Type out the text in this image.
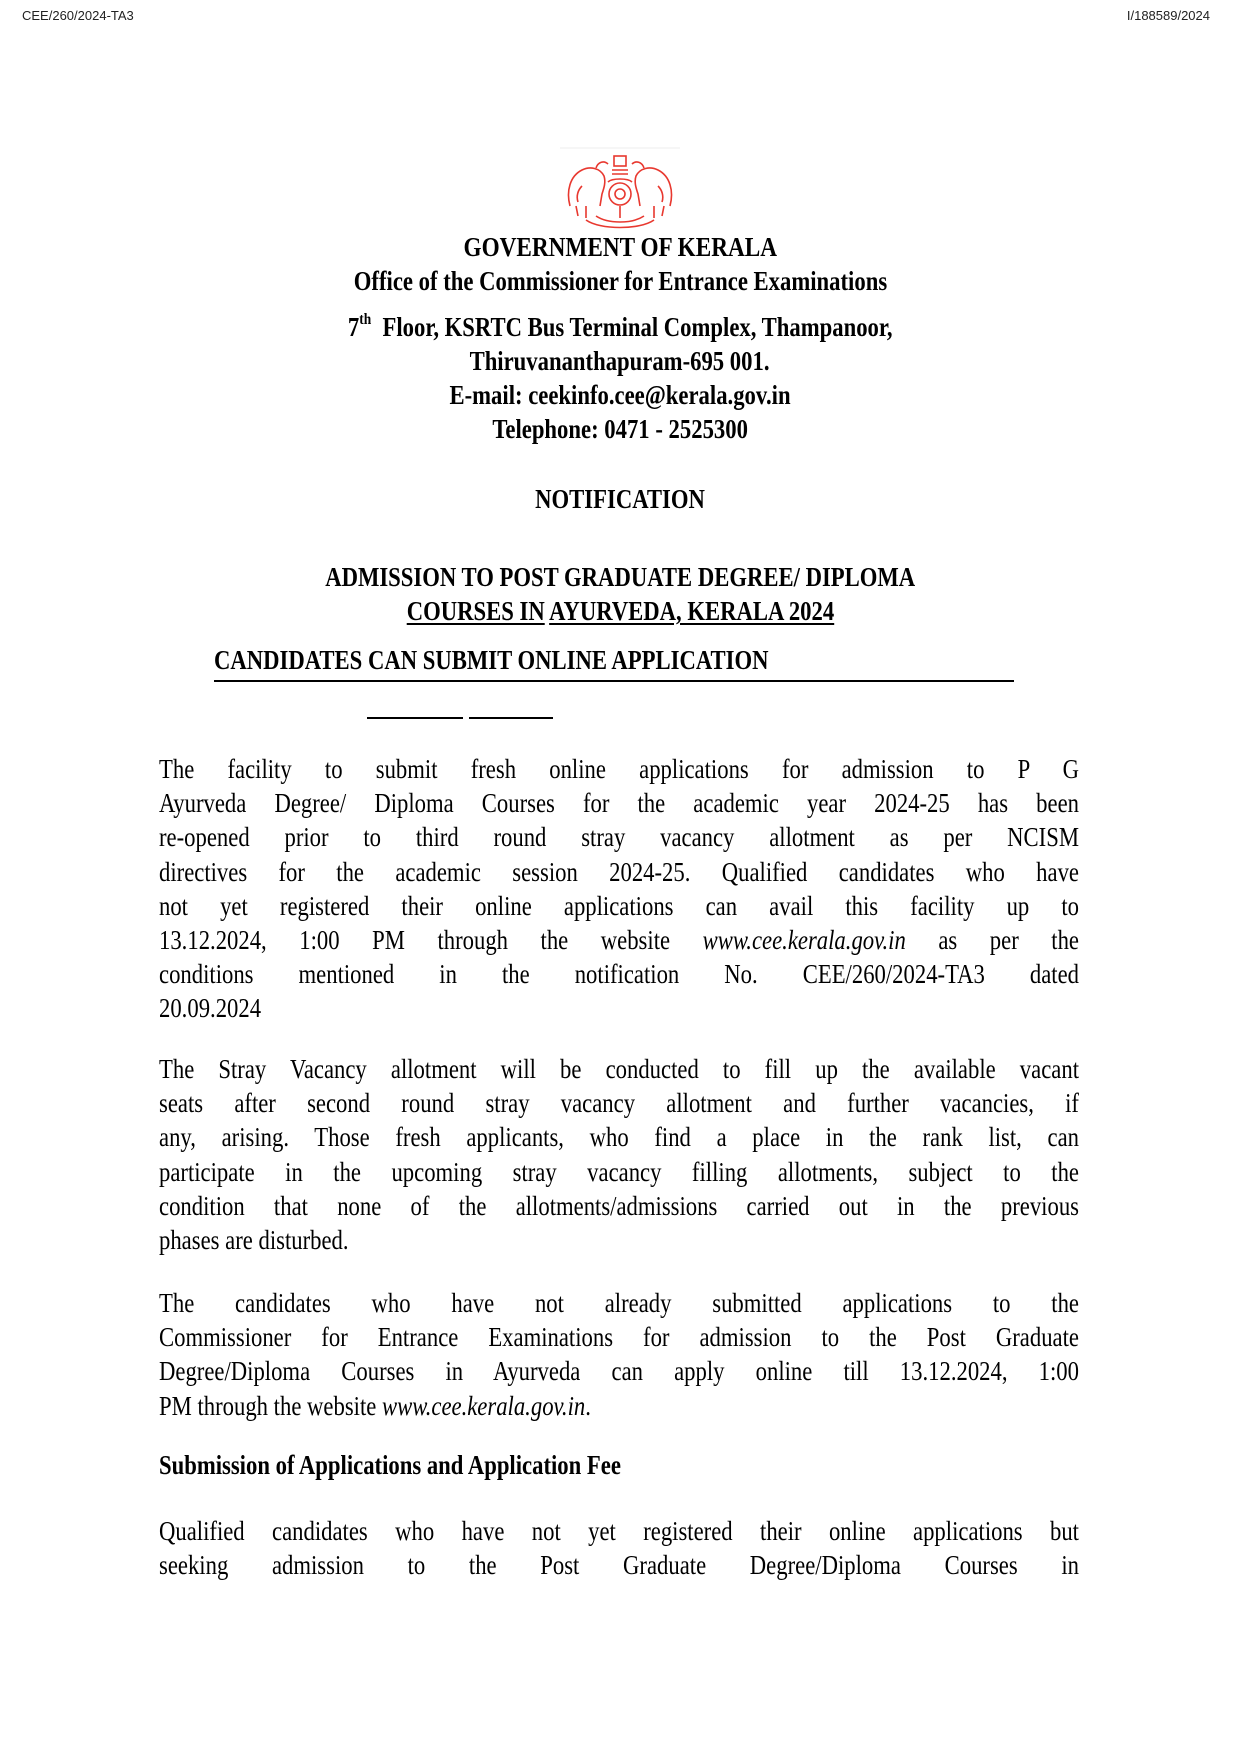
CEE/260/2024-TA3	I/188589/2024
GOVERNMENT OF KERALA
Office of the Commissioner for Entrance Examinations
7th Floor, KSRTC Bus Terminal Complex, Thampanoor,
Thiruvananthapuram-695 001.
E-mail: ceekinfo.cee@kerala.gov.in
Telephone: 0471 - 2525300
NOTIFICATION
ADMISSION TO POST GRADUATE DEGREE/ DIPLOMA
COURSES IN AYURVEDA, KERALA 2024
CANDIDATES CAN SUBMIT ONLINE APPLICATION
The facility to submit fresh online applications for admission to P G
Ayurveda Degree/ Diploma Courses for the academic year 2024-25 has been
re-opened prior to third round stray vacancy allotment as per NCISM
directives for the academic session 2024-25. Qualified candidates who have
not yet registered their online applications can avail this facility up to
13.12.2024, 1:00 PM through the website www.cee.kerala.gov.in as per the
conditions mentioned in the notification No. CEE/260/2024-TA3 dated
20.09.2024
The Stray Vacancy allotment will be conducted to fill up the available vacant
seats after second round stray vacancy allotment and further vacancies, if
any, arising. Those fresh applicants, who find a place in the rank list, can
participate in the upcoming stray vacancy filling allotments, subject to the
condition that none of the allotments/admissions carried out in the previous
phases are disturbed.
The candidates who have not already submitted applications to the
Commissioner for Entrance Examinations for admission to the Post Graduate
Degree/Diploma Courses in Ayurveda can apply online till 13.12.2024, 1:00
PM through the website www.cee.kerala.gov.in.
Submission of Applications and Application Fee
Qualified candidates who have not yet registered their online applications but
seeking admission to the Post Graduate Degree/Diploma Courses in
